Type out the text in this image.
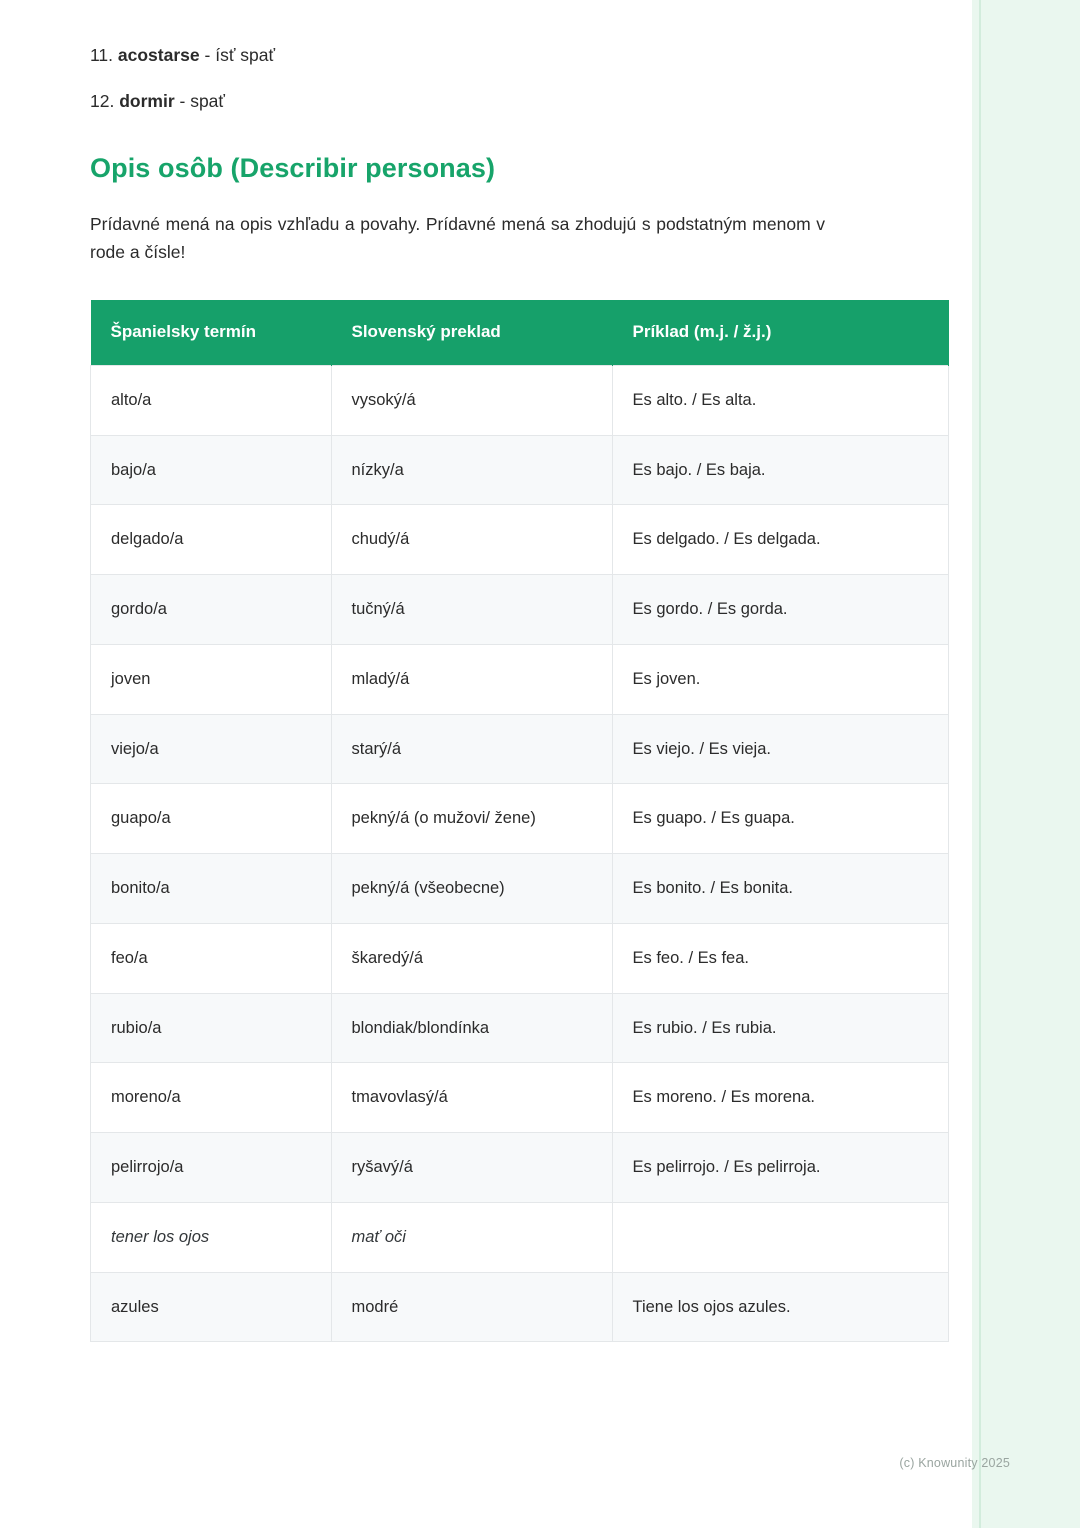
11. acostarse - ísť spať
12. dormir - spať
Opis osôb (Describir personas)

Prídavné mená na opis vzhľadu a povahy. Prídavné mená sa zhodujú s podstatným menom v rode a čísle!

Španielsky termín	Slovenský preklad	Príklad (m.j. / ž.j.)
alto/a	vysoký/á	Es alto. / Es alta.
bajo/a	nízky/a	Es bajo. / Es baja.
delgado/a	chudý/á	Es delgado. / Es delgada.
gordo/a	tučný/á	Es gordo. / Es gorda.
joven	mladý/á	Es joven.
viejo/a	starý/á	Es viejo. / Es vieja.
guapo/a	pekný/á (o mužovi/ žene)	Es guapo. / Es guapa.
bonito/a	pekný/á (všeobecne)	Es bonito. / Es bonita.
feo/a	škaredý/á	Es feo. / Es fea.
rubio/a	blondiak/blondínka	Es rubio. / Es rubia.
moreno/a	tmavovlasý/á	Es moreno. / Es morena.
pelirrojo/a	ryšavý/á	Es pelirrojo. / Es pelirroja.
tener los ojos	mať oči	
azules	modré	Tiene los ojos azules.
(c) Knowunity 2025
